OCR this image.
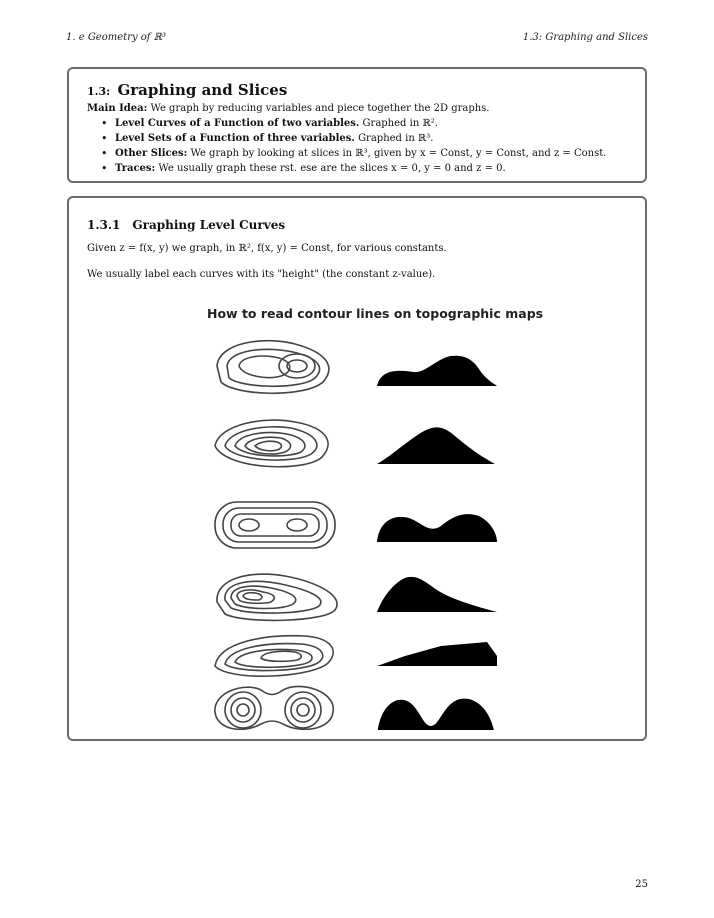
1. e Geometry of ℝ³	1.3: Graphing and Slices
1.3: Graphing and Slices
Main Idea: We graph by reducing variables and piece together the 2D graphs.
• Level Curves of a Function of two variables. Graphed in ℝ².
• Level Sets of a Function of three variables. Graphed in ℝ³.
• Other Slices: We graph by looking at slices in ℝ³, given by x = Const, y = Const, and z = Const.
• Traces: We usually graph these rst. ese are the slices x = 0, y = 0 and z = 0.
1.3.1 Graphing Level Curves

Given z = f(x, y) we graph, in ℝ², f(x, y) = Const, for various constants.

We usually label each curves with its "height" (the constant z-value).

How to read contour lines on topographic maps
25
